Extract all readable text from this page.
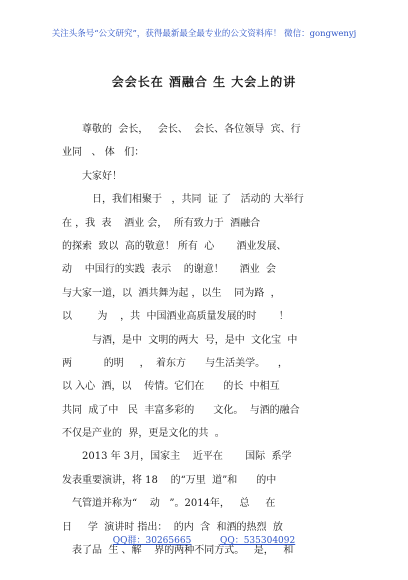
关注头条号“公文研究”，获得最新最全最专业的公文资料库！ 微信：gongwenyj
会会长在 酒融合 生 大会上的讲
尊敬的  会长，   会长、  会长、各位领导  宾、行
业同   、 体   们：
大家好！
日，我们相聚于   ，共同  证 了   活动的 大举行
在 ，我  表    酒业 会，  所有致力于  酒融合
的探索  致以  高的敬意！ 所有  心       酒业发展、
动    中国行的实践  表示    的谢意！     酒业  会
与大家一道，以  酒共舞为起 ，以生    同为路  ，
以        为    ，共  中国酒业高质量发展的时       ！
与酒，是中  文明的两大  号，是中  文化宝  中
两          的明     ，  着东方      与生活美学。    ，
以 入心  酒，以    传情。它们在      的长  中相互
共同  成了中   民  丰富多彩的      文化。  与酒的融合
不仅是产业的  界，更是文化的共  。
2013 年 3月，国家主    近平在       国际  系学
发表重要演讲，将 18    的“万里  道”和      的中
气管道并称为“    动   ”。2014年，   总     在
日     学  演讲时 指出：  的内  含  和酒的热烈  放
表了品  生 、解    界的两种不同方式。   是，   和
QQ群：30265665	QQ：535304092
